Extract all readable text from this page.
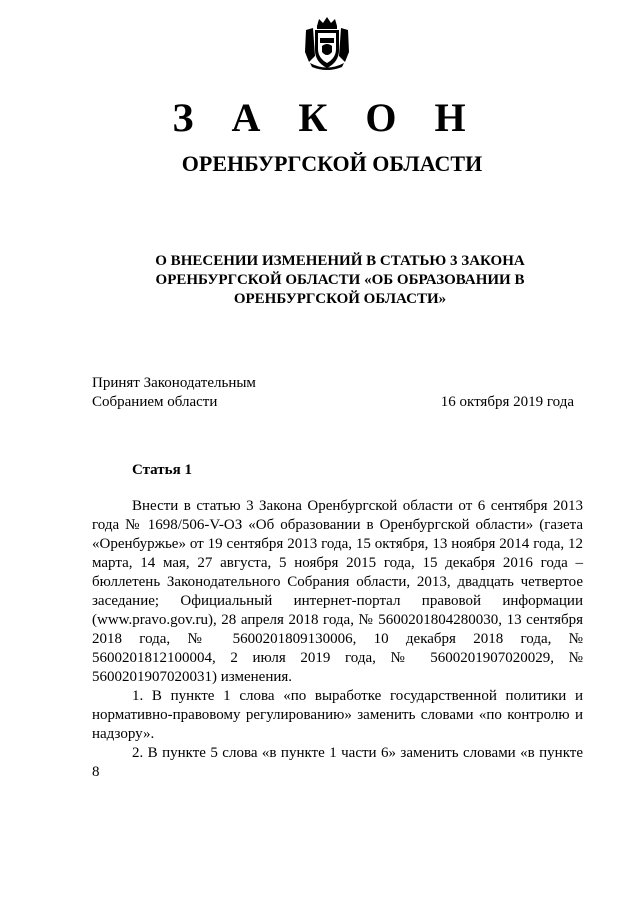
З А К О Н
ОРЕНБУРГСКОЙ ОБЛАСТИ
О ВНЕСЕНИИ ИЗМЕНЕНИЙ В СТАТЬЮ 3 ЗАКОНА
ОРЕНБУРГСКОЙ ОБЛАСТИ «ОБ ОБРАЗОВАНИИ В
ОРЕНБУРГСКОЙ ОБЛАСТИ»
Принят Законодательным
Собранием области	16 октября 2019 года
Статья 1

Внести в статью 3 Закона Оренбургской области от 6 сентября 2013 года № 1698/506-V-ОЗ «Об образовании в Оренбургской области» (газета «Оренбуржье» от 19 сентября 2013 года, 15 октября, 13 ноября 2014 года, 12 марта, 14 мая, 27 августа, 5 ноября 2015 года, 15 декабря 2016 года – бюллетень Законодательного Собрания области, 2013, двадцать четвертое заседание; Официальный интернет-портал правовой информации (www.pravo.gov.ru), 28 апреля 2018 года, № 5600201804280030, 13 сентября 2018 года, № 5600201809130006, 10 декабря 2018 года, № 5600201812100004, 2 июля 2019 года, № 5600201907020029, № 5600201907020031) изменения.

1. В пункте 1 слова «по выработке государственной политики и нормативно-правовому регулированию» заменить словами «по контролю и надзору».

2. В пункте 5 слова «в пункте 1 части 6» заменить словами «в пункте 8
